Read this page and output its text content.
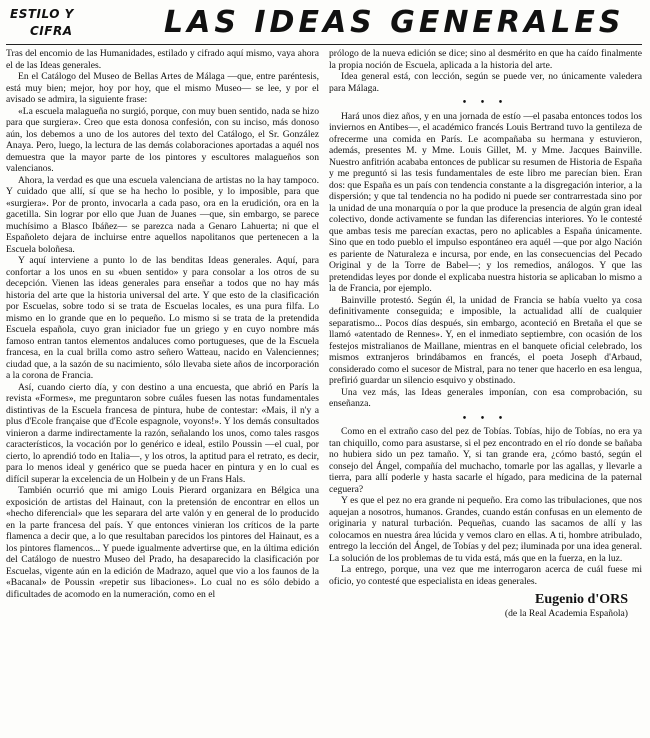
ESTILO Y
CIFRA	LAS IDEAS GENERALES

Tras del encomio de las Humanidades, estilado y cifrado aquí mismo, vaya ahora el de las Ideas generales.

En el Catálogo del Museo de Bellas Artes de Málaga —que, entre paréntesis, está muy bien; mejor, hoy por hoy, que el mismo Museo— se lee, y por el avisado se admira, la siguiente frase:

«La escuela malagueña no surgió, porque, con muy buen sentido, nada se hizo para que surgiera». Creo que esta donosa confesión, con su inciso, más donoso aún, los debemos a uno de los autores del texto del Catálogo, el Sr. González Anaya. Pero, luego, la lectura de las demás colaboraciones aportadas a aquél nos demuestra que la mayor parte de los pintores y escultores malagueños son valencianos.

Ahora, la verdad es que una escuela valenciana de artistas no la hay tampoco. Y cuidado que allí, sí que se ha hecho lo posible, y lo imposible, para que «surgiera». Por de pronto, invocarla a cada paso, ora en la erudición, ora en la gacetilla. Sin lograr por ello que Juan de Juanes —que, sin embargo, se parece muchísimo a Blasco Ibáñez— se parezca nada a Genaro Lahuerta; ni que el Españoleto dejara de incluirse entre aquellos napolitanos que pertenecen a la Escuela boloñesa.

Y aquí interviene a punto lo de las benditas Ideas generales. Aquí, para confortar a los unos en su «buen sentido» y para consolar a los otros de su decepción. Vienen las ideas generales para enseñar a todos que no hay más historia del arte que la historia universal del arte. Y que esto de la clasificación por Escuelas, sobre todo si se trata de Escuelas locales, es una pura filfa. Lo mismo en lo grande que en lo pequeño. Lo mismo si se trata de la pretendida Escuela española, cuyo gran iniciador fue un griego y en cuyo nombre más famoso entran tantos elementos andaluces como portugueses, que de la Escuela francesa, en la cual brilla como astro señero Watteau, nacido en Valenciennes; ciudad que, a la sazón de su nacimiento, sólo llevaba siete años de incorporación a la corona de Francia.

Así, cuando cierto día, y con destino a una encuesta, que abrió en París la revista «Formes», me preguntaron sobre cuáles fuesen las notas fundamentales distintivas de la Escuela francesa de pintura, hube de contestar: «Mais, il n'y a plus d'Ecole française que d'Ecole espagnole, voyons!». Y los demás consultados vinieron a darme indirectamente la razón, señalando los unos, como tales rasgos característicos, la vocación por lo genérico e ideal, estilo Poussin —el cual, por cierto, lo aprendió todo en Italia—, y los otros, la aptitud para el retrato, es decir, para lo menos ideal y genérico que se pueda hacer en pintura y en lo cual es difícil superar la excelencia de un Holbein y de un Frans Hals.

También ocurrió que mi amigo Louis Pierard organizara en Bélgica una exposición de artistas del Hainaut, con la pretensión de encontrar en ellos un «hecho diferencial» que les separara del arte valón y en general de lo producido en la parte francesa del país. Y que entonces vinieran los críticos de la parte flamenca a decir que, a lo que resultaban parecidos los pintores del Hainaut, es a los pintores flamencos... Y puede igualmente advertirse que, en la última edición del Catálogo de nuestro Museo del Prado, ha desaparecido la clasificación por Escuelas, vigente aún en la edición de Madrazo, aquel que vio a los faunos de la «Bacanal» de Poussin «repetir sus libaciones». Lo cual no es sólo debido a dificultades de acomodo en la numeración, como en el

prólogo de la nueva edición se dice; sino al desmérito en que ha caído finalmente la propia noción de Escuela, aplicada a la historia del arte.

Idea general está, con lección, según se puede ver, no únicamente valedera para Málaga.

• • •

Hará unos diez años, y en una jornada de estío —el pasaba entonces todos los inviernos en Antibes—, el académico francés Louis Bertrand tuvo la gentileza de ofrecerme una comida en París. Le acompañaba su hermana y estuvieron, además, presentes M. y Mme. Louis Gillet, M. y Mme. Jacques Bainville. Nuestro anfitrión acababa entonces de publicar su resumen de Historia de España y me preguntó si las tesis fundamentales de este libro me parecían bien. Eran dos: que España es un país con tendencia constante a la disgregación interior, a la dispersión; y que tal tendencia no ha podido ni puede ser contrarrestada sino por la unidad de una monarquía o por la que produce la presencia de algún gran ideal colectivo, donde activamente se fundan las diferencias interiores. Yo le contesté que ambas tesis me parecían exactas, pero no aplicables a España únicamente. Sino que en todo pueblo el impulso espontáneo era aquél —que por algo Nación es pariente de Naturaleza e incursa, por ende, en las consecuencias del Pecado Original y de la Torre de Babel—; y los remedios, análogos. Y que las pretendidas leyes por donde el explicaba nuestra historia se aplicaban lo mismo a la de Francia, por ejemplo.

Bainville protestó. Según él, la unidad de Francia se había vuelto ya cosa definitivamente conseguida; e imposible, la actualidad allí de cualquier separatismo... Pocos días después, sin embargo, aconteció en Bretaña el que se llamó «atentado de Rennes». Y, en el inmediato septiembre, con ocasión de los festejos mistralianos de Maillane, mientras en el banquete oficial celebrado, los mismos extranjeros brindábamos en francés, el poeta Joseph d'Arbaud, considerado como el sucesor de Mistral, para no tener que hacerlo en esa lengua, prefirió guardar un silencio esquivo y obstinado.

Una vez más, las Ideas generales imponían, con esa comprobación, su enseñanza.

• • •

Como en el extraño caso del pez de Tobías. Tobías, hijo de Tobías, no era ya tan chiquillo, como para asustarse, si el pez encontrado en el río donde se bañaba no hubiera sido un pez tamaño. Y, si tan grande era, ¿cómo bastó, según el consejo del Ángel, compañía del muchacho, tomarle por las agallas, y llevarle a tierra, para allí poderle y hasta sacarle el hígado, para medicina de la paternal ceguera?

Y es que el pez no era grande ni pequeño. Era como las tribulaciones, que nos aquejan a nosotros, humanos. Grandes, cuando están confusas en un elemento de originaria y natural turbación. Pequeñas, cuando las sacamos de allí y las colocamos en nuestra área lúcida y vemos claro en ellas. A ti, hombre atribulado, entrego la lección del Ángel, de Tobías y del pez; iluminada por una idea general. La solución de los problemas de tu vida está, más que en la fuerza, en la luz.

La entrego, porque, una vez que me interrogaron acerca de cuál fuese mi oficio, yo contesté que especialista en ideas generales.

Eugenio d'ORS
(de la Real Academia Española)
